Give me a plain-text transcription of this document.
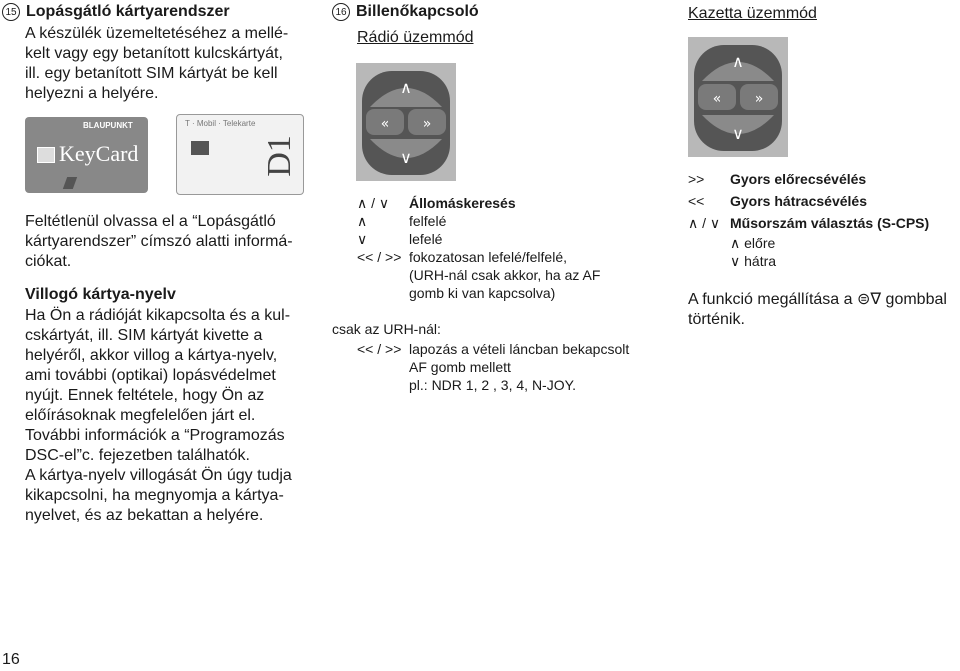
15 Lopásgátló kártyarendszer
A készülék üzemeltetéséhez a mellé-
kelt vagy egy betanított kulcskártyát,
ill. egy betanított SIM kártyát be kell
helyezni a helyére.
BLAUPUNKT
KeyCard
T · Mobil · Telekarte
D1
Feltétlenül olvassa el a “Lopásgátló
kártyarendszer” címszó alatti informá-
ciókat.
Villogó kártya-nyelv
Ha Ön a rádióját kikapcsolta és a kul-
cskártyát, ill. SIM kártyát kivette a
helyéről, akkor villog a kártya-nyelv,
ami további (optikai) lopásvédelmet
nyújt. Ennek feltétele, hogy Ön az
előírásoknak megfelelően járt el.
További információk a “Programozás
DSC-el”c. fejezetben találhatók.
A kártya-nyelv villogását Ön úgy tudja
kikapcsolni, ha megnyomja a kártya-
nyelvet, és az bekattan a helyére.
16 Billenőkapcsoló
Rádió üzemmód
∧
∨
« »
∧ / ∨ Állomáskeresés
∧	felfelé
∨	lefelé
<< / >> fokozatosan lefelé/felfelé,
(URH-nál csak akkor, ha az AF
gomb ki van kapcsolva)
csak az URH-nál:
<< / >> lapozás a vételi láncban bekapcsolt
AF gomb mellett
pl.: NDR 1, 2 , 3, 4, N-JOY.
Kazetta üzemmód
∧
∨
« »
>> Gyors előrecsévélés
<< Gyors hátracsévélés
∧ / ∨ Műsorszám választás (S-CPS)
∧ előre
∨ hátra
A funkció megállítása a ⊜∇ gombbal
történik.
16
